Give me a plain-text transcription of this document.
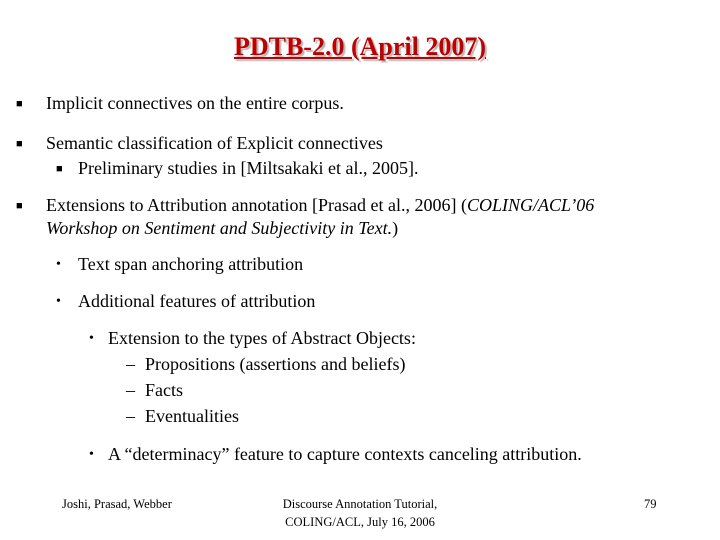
PDTB-2.0 (April 2007)
■ Implicit connectives on the entire corpus.
■ Semantic classification of Explicit connectives
■ Preliminary studies in [Miltsakaki et al., 2005].
■ Extensions to Attribution annotation [Prasad et al., 2006] (COLING/ACL’06
Workshop on Sentiment and Subjectivity in Text.)
• Text span anchoring attribution
• Additional features of attribution
• Extension to the types of Abstract Objects:
– Propositions (assertions and beliefs)
– Facts
– Eventualities
• A “determinacy” feature to capture contexts canceling attribution.
Joshi, Prasad, Webber	Discourse Annotation Tutorial,
COLING/ACL, July 16, 2006
79
